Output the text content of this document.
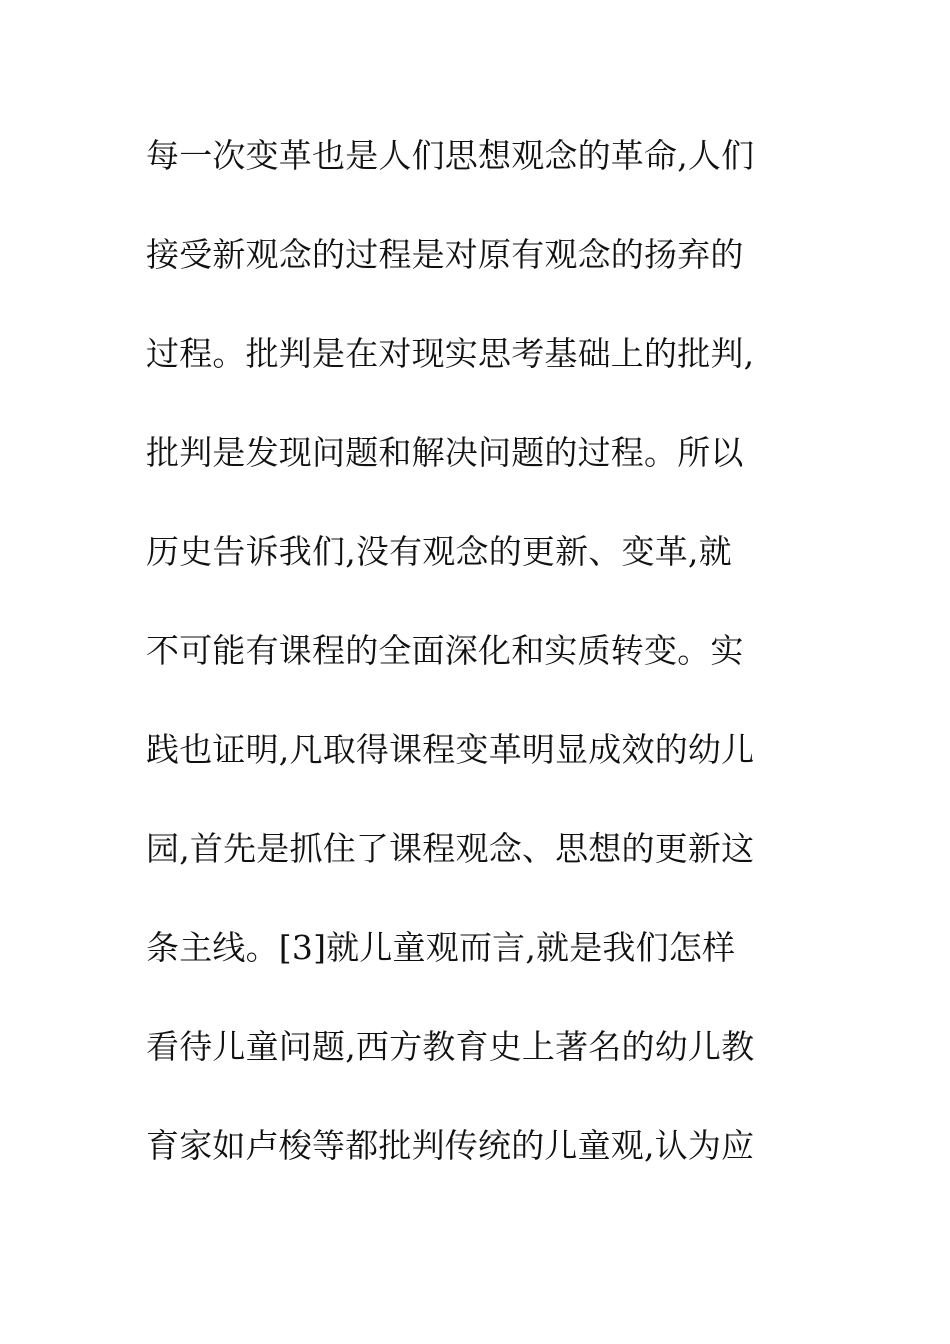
每一次变革也是人们思想观念的革命,人们
接受新观念的过程是对原有观念的扬弃的
过程。批判是在对现实思考基础上的批判,
批判是发现问题和解决问题的过程。所以
历史告诉我们,没有观念的更新、变革,就
不可能有课程的全面深化和实质转变。实
践也证明,凡取得课程变革明显成效的幼儿
园,首先是抓住了课程观念、思想的更新这
条主线。[3]就儿童观而言,就是我们怎样
看待儿童问题,西方教育史上著名的幼儿教
育家如卢梭等都批判传统的儿童观,认为应
